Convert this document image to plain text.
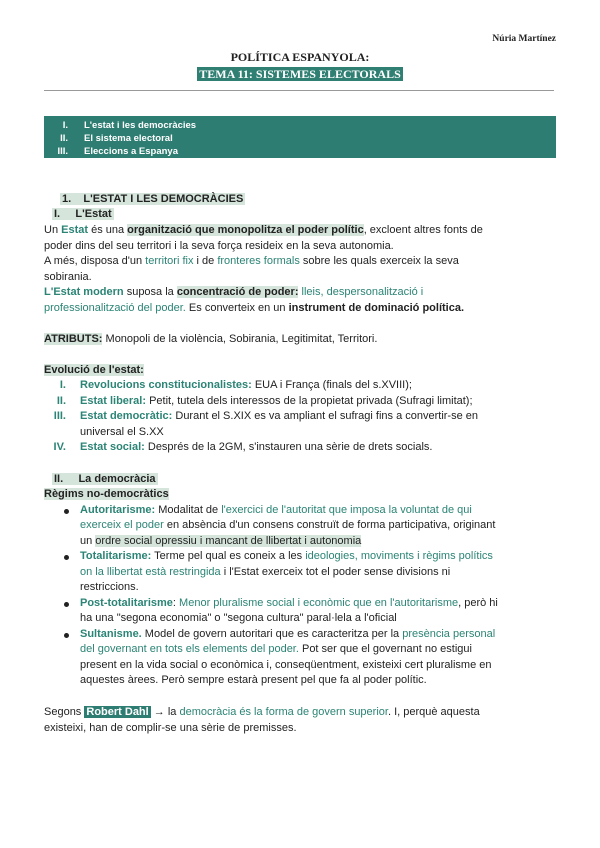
Núria Martínez
POLÍTICA ESPANYOLA:
TEMA 11: SISTEMES ELECTORALS
I. L'estat i les democràcies
II. El sistema electoral
III. Eleccions a Espanya
1. L'ESTAT I LES DEMOCRÀCIES
I. L'Estat
Un Estat és una organització que monopolitza el poder polític, excloent altres fonts de
poder dins del seu territori i la seva força resideix en la seva autonomia.
A més, disposa d'un territori fix i de fronteres formals sobre les quals exerceix la seva
sobirania.
L'Estat modern suposa la concentració de poder: lleis, despersonalització i
professionalització del poder. Es converteix en un instrument de dominació política.
ATRIBUTS: Monopoli de la violència, Sobirania, Legitimitat, Territori.
Evolució de l'estat:
I. Revolucions constitucionalistes: EUA i França (finals del s.XVIII);
II. Estat liberal: Petit, tutela dels interessos de la propietat privada (Sufragi limitat);
III. Estat democràtic: Durant el S.XIX es va ampliant el sufragi fins a convertir-se en
universal el S.XX
IV. Estat social: Després de la 2GM, s'instauren una sèrie de drets socials.
II. La democràcia
Règims no-democràtics
Autoritarisme: Modalitat de l'exercici de l'autoritat que imposa la voluntat de qui
exerceix el poder en absència d'un consens construït de forma participativa, originant
un ordre social opressiu i mancant de llibertat i autonomia
Totalitarisme: Terme pel qual es coneix a les ideologies, moviments i règims polítics
on la llibertat està restringida i l'Estat exerceix tot el poder sense divisions ni
restriccions.
Post-totalitarisme: Menor pluralisme social i econòmic que en l'autoritarisme, però hi
ha una "segona economia" o "segona cultura" paral·lela a l'oficial
Sultanisme. Model de govern autoritari que es caracteritza per la presència personal
del governant en tots els elements del poder. Pot ser que el governant no estigui
present en la vida social o econòmica i, conseqüentment, existeixi cert pluralisme en
aquestes àrees. Però sempre estarà present pel que fa al poder polític.
Segons Robert Dahl → la democràcia és la forma de govern superior. I, perquè aquesta
existeixi, han de complir-se una sèrie de premisses.
